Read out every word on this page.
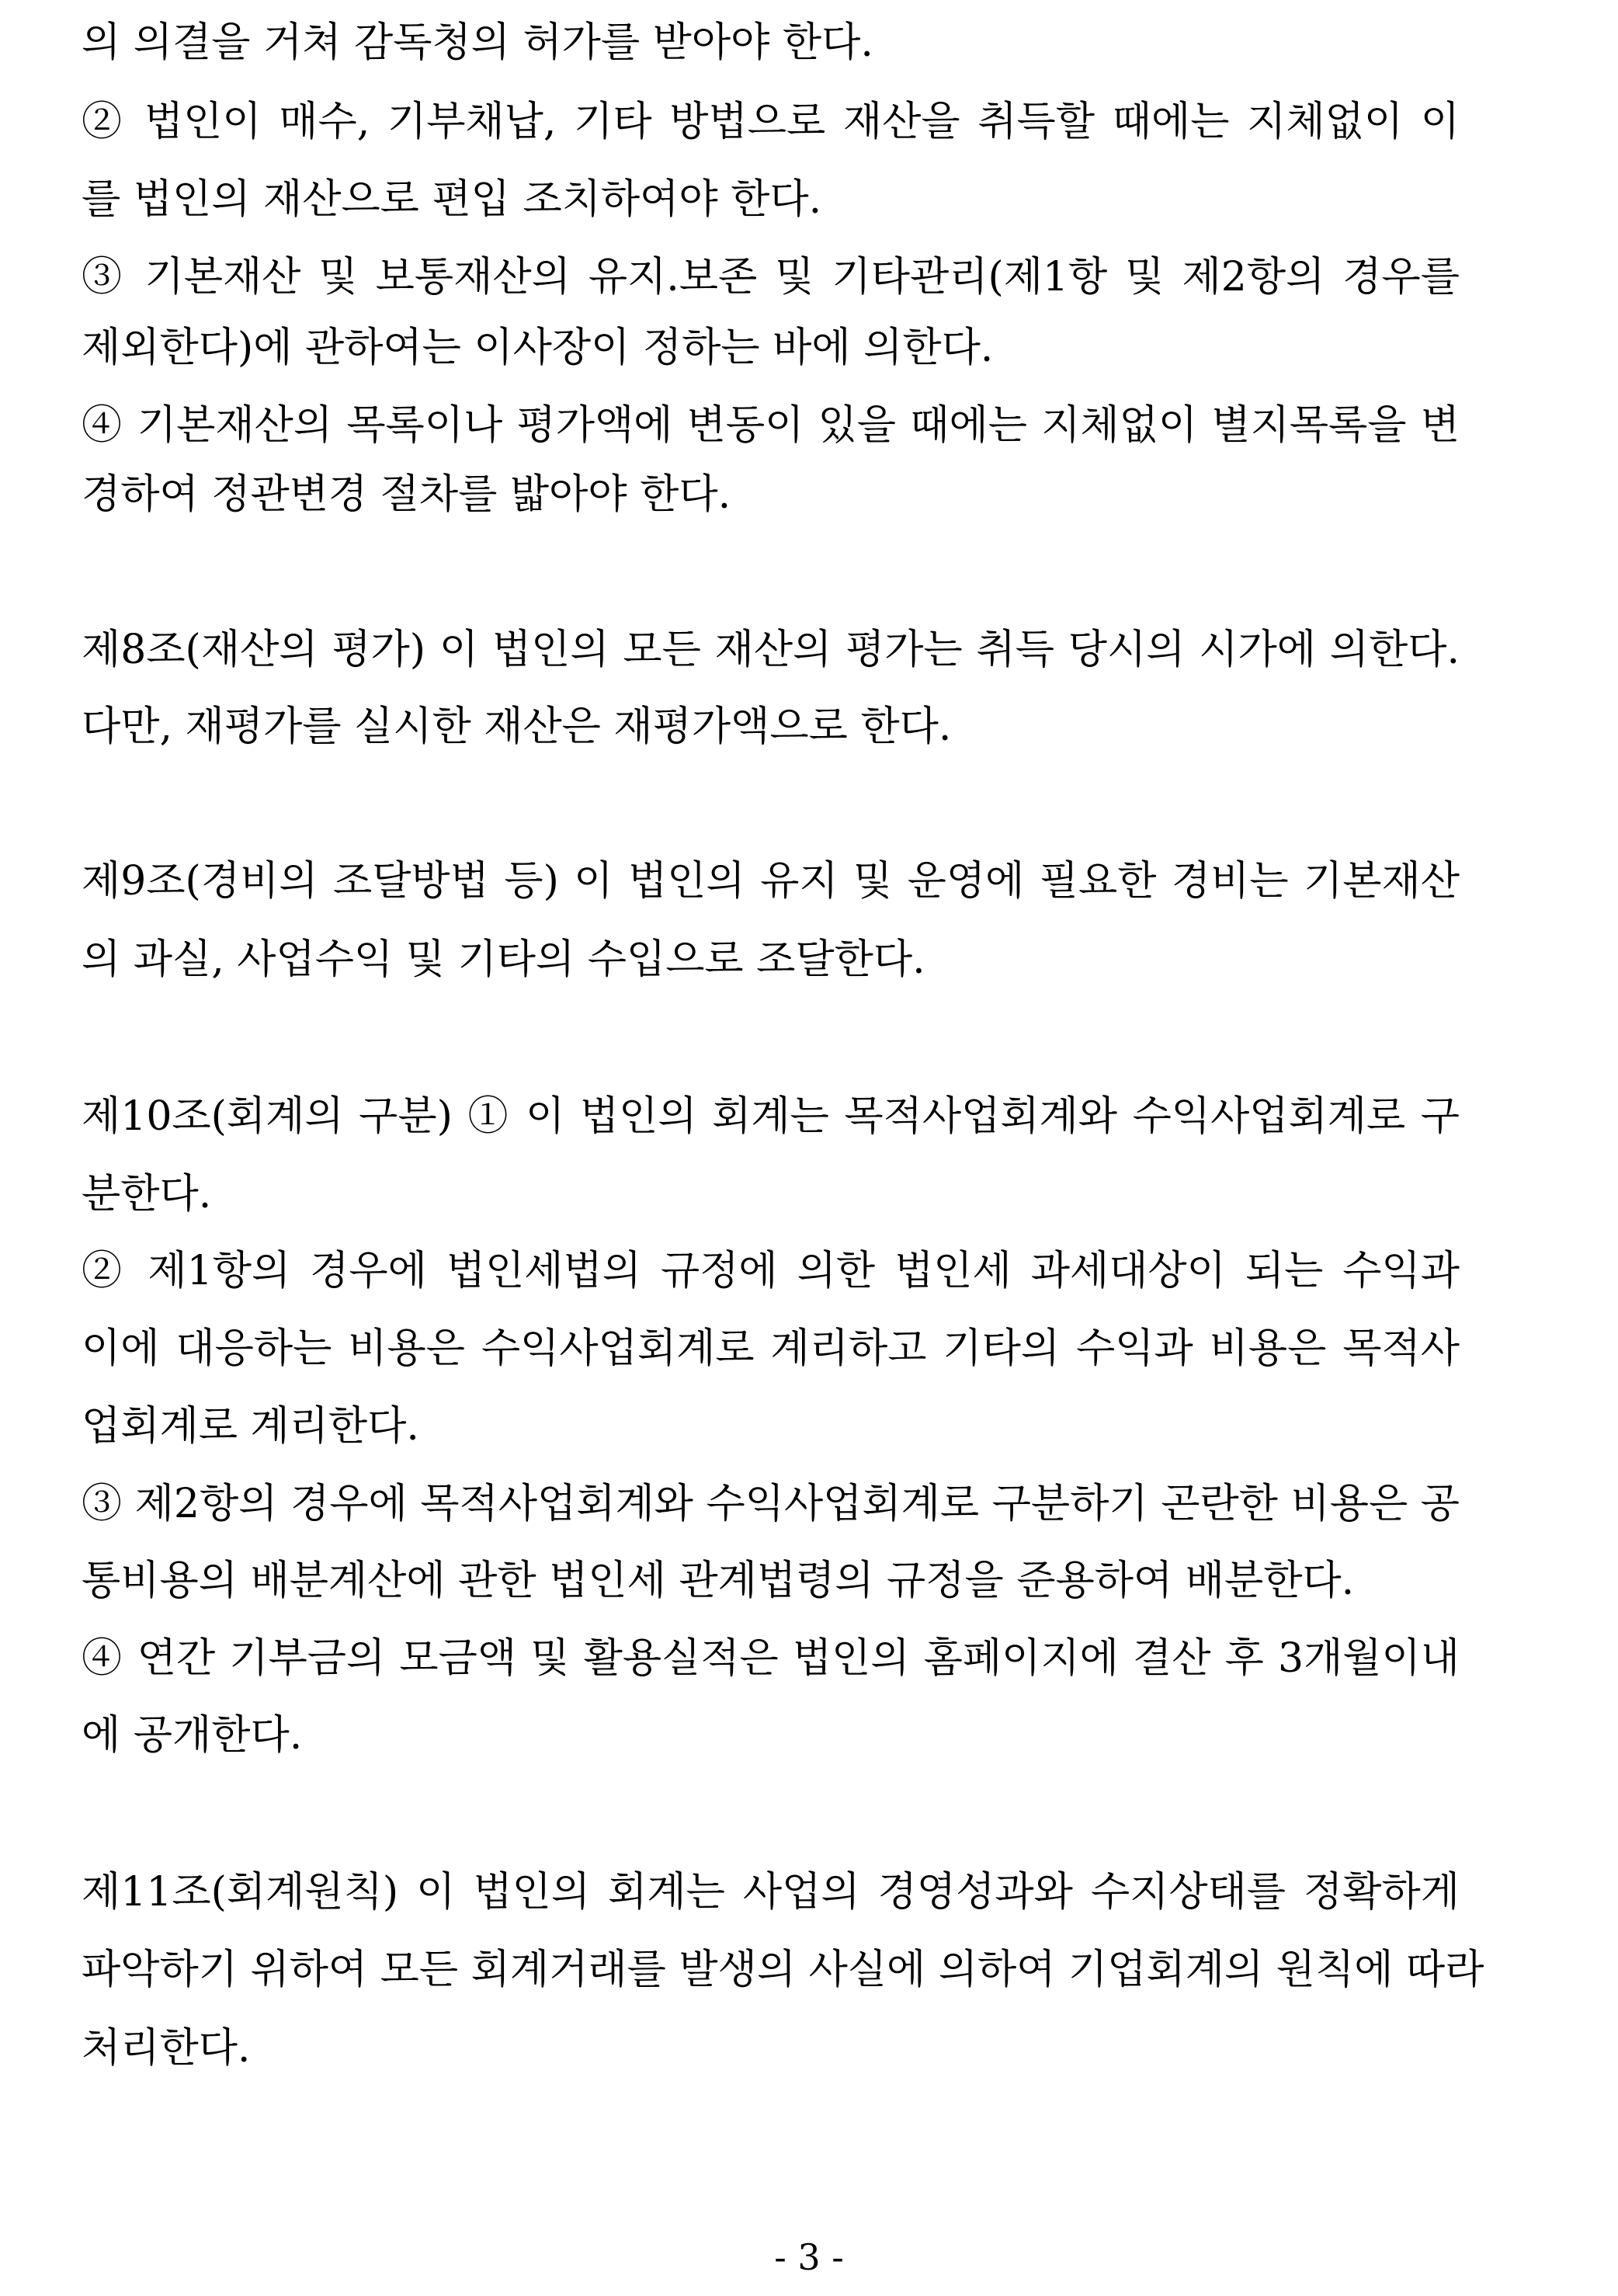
의 의결을 거쳐 감독청의 허가를 받아야 한다.

② 법인이 매수, 기부채납, 기타 방법으로 재산을 취득할 때에는 지체없이 이

를 법인의 재산으로 편입 조치하여야 한다.

③ 기본재산 및 보통재산의 유지.보존 및 기타관리(제1항 및 제2항의 경우를

제외한다)에 관하여는 이사장이 정하는 바에 의한다.

④ 기본재산의 목록이나 평가액에 변동이 있을 때에는 지체없이 별지목록을 변

경하여 정관변경 절차를 밟아야 한다.

제8조(재산의 평가) 이 법인의 모든 재산의 평가는 취득 당시의 시가에 의한다.

다만, 재평가를 실시한 재산은 재평가액으로 한다.

제9조(경비의 조달방법 등) 이 법인의 유지 및 운영에 필요한 경비는 기본재산

의 과실, 사업수익 및 기타의 수입으로 조달한다.

제10조(회계의 구분) ① 이 법인의 회계는 목적사업회계와 수익사업회계로 구

분한다.

② 제1항의 경우에 법인세법의 규정에 의한 법인세 과세대상이 되는 수익과

이에 대응하는 비용은 수익사업회계로 계리하고 기타의 수익과 비용은 목적사

업회계로 계리한다.

③ 제2항의 경우에 목적사업회계와 수익사업회계로 구분하기 곤란한 비용은 공

통비용의 배분계산에 관한 법인세 관계법령의 규정을 준용하여 배분한다.

④ 연간 기부금의 모금액 및 활용실적은 법인의 홈페이지에 결산 후 3개월이내

에 공개한다.

제11조(회계원칙) 이 법인의 회계는 사업의 경영성과와 수지상태를 정확하게

파악하기 위하여 모든 회계거래를 발생의 사실에 의하여 기업회계의 원칙에 따라

처리한다.

- 3 -
